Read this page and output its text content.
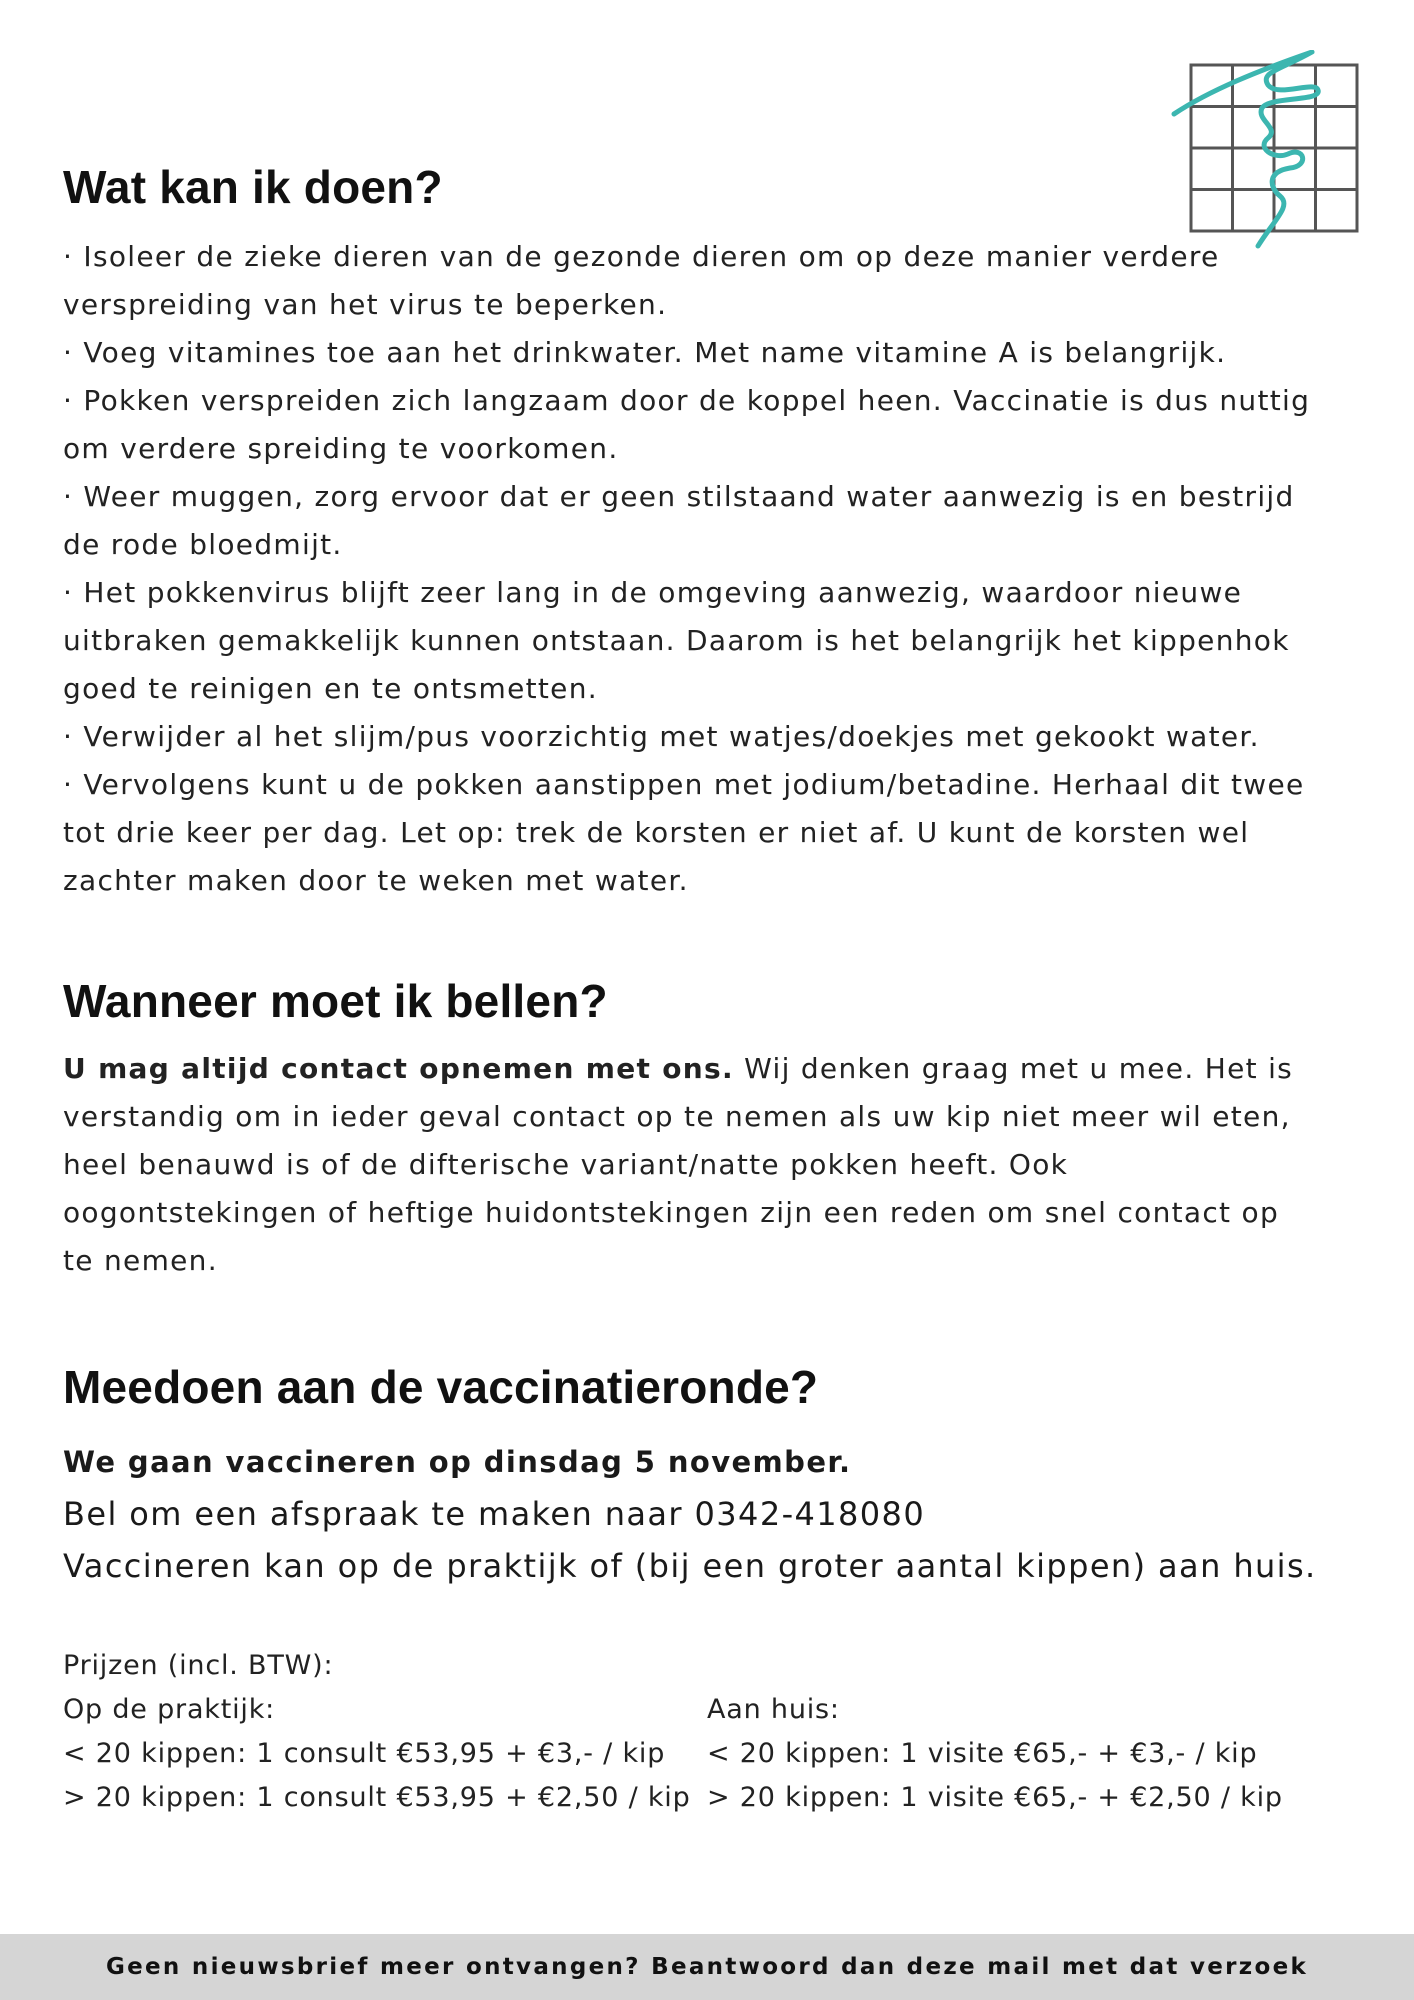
Wat kan ik doen?

· Isoleer de zieke dieren van de gezonde dieren om op deze manier verdere verspreiding van het virus te beperken.

· Voeg vitamines toe aan het drinkwater. Met name vitamine A is belangrijk.

· Pokken verspreiden zich langzaam door de koppel heen. Vaccinatie is dus nuttig om verdere spreiding te voorkomen.

· Weer muggen, zorg ervoor dat er geen stilstaand water aanwezig is en bestrijd de rode bloedmijt.

· Het pokkenvirus blijft zeer lang in de omgeving aanwezig, waardoor nieuwe uitbraken gemakkelijk kunnen ontstaan. Daarom is het belangrijk het kippenhok goed te reinigen en te ontsmetten.

· Verwijder al het slijm/pus voorzichtig met watjes/doekjes met gekookt water.

· Vervolgens kunt u de pokken aanstippen met jodium/betadine. Herhaal dit twee tot drie keer per dag. Let op: trek de korsten er niet af. U kunt de korsten wel zachter maken door te weken met water.

Wanneer moet ik bellen?

U mag altijd contact opnemen met ons. Wij denken graag met u mee. Het is verstandig om in ieder geval contact op te nemen als uw kip niet meer wil eten, heel benauwd is of de difterische variant/natte pokken heeft. Ook oogontstekingen of heftige huidontstekingen zijn een reden om snel contact op te nemen.

Meedoen aan de vaccinatieronde?

We gaan vaccineren op dinsdag 5 november.

Bel om een afspraak te maken naar 0342-418080

Vaccineren kan op de praktijk of (bij een groter aantal kippen) aan huis.

Prijzen (incl. BTW):
Op de praktijk:
< 20 kippen: 1 consult €53,95 + €3,- / kip
> 20 kippen: 1 consult €53,95 + €2,50 / kip
Aan huis:
< 20 kippen: 1 visite €65,- + €3,- / kip
> 20 kippen: 1 visite €65,- + €2,50 / kip
Geen nieuwsbrief meer ontvangen? Beantwoord dan deze mail met dat verzoek
